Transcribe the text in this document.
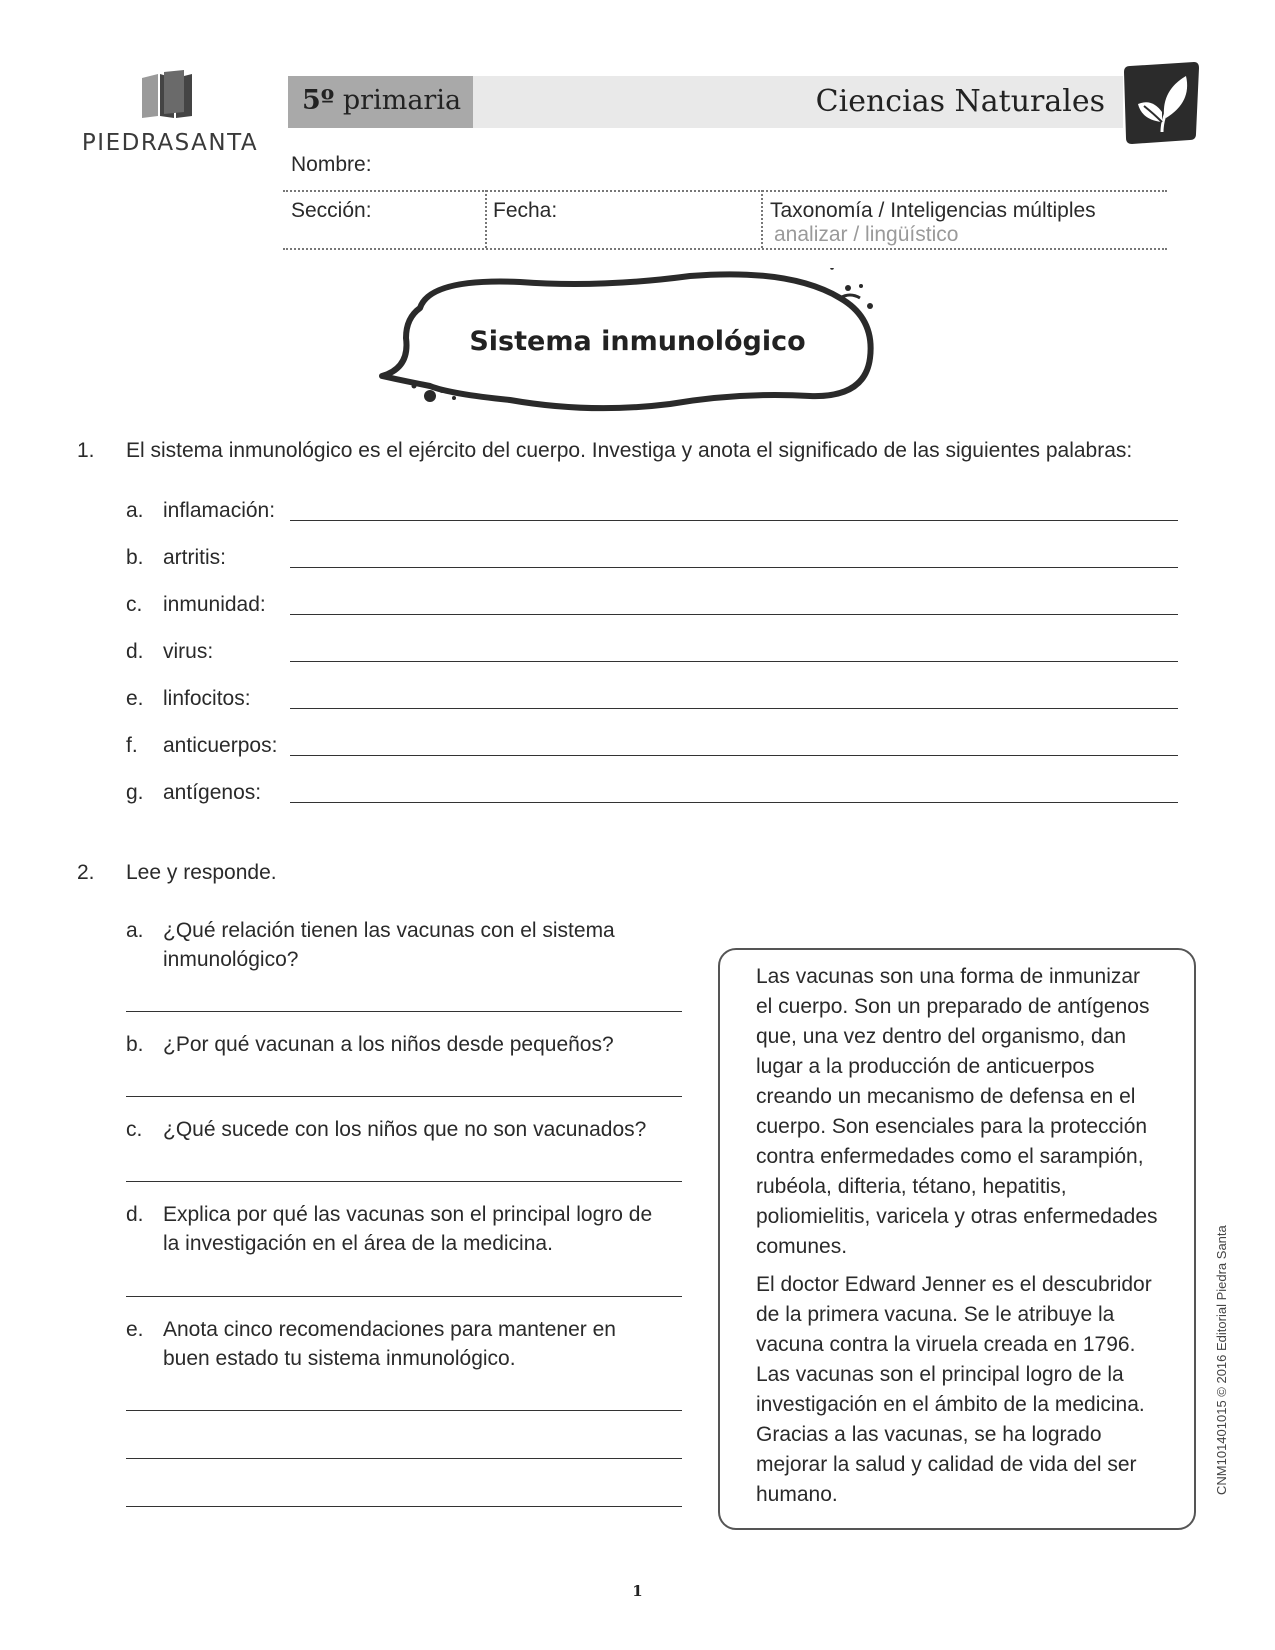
PIEDRASANTA
5º primaria	Ciencias Naturales
Nombre:
Sección:	Fecha:	Taxonomía / Inteligencias múltiples
analizar / lingüístico
Sistema inmunológico
1. El sistema inmunológico es el ejército del cuerpo. Investiga y anota el significado de las siguientes palabras:
a. inflamación:
b. artritis:
c. inmunidad:
d. virus:
e. linfocitos:
f. anticuerpos:
g. antígenos:
2. Lee y responde.
a. ¿Qué relación tienen las vacunas con el sistema
inmunológico?
b. ¿Por qué vacunan a los niños desde pequeños?
c. ¿Qué sucede con los niños que no son vacunados?
d. Explica por qué las vacunas son el principal logro de
la investigación en el área de la medicina.
e. Anota cinco recomendaciones para mantener en
buen estado tu sistema inmunológico.
Las vacunas son una forma de inmunizar
el cuerpo. Son un preparado de antígenos
que, una vez dentro del organismo, dan
lugar a la producción de anticuerpos
creando un mecanismo de defensa en el
cuerpo. Son esenciales para la protección
contra enfermedades como el sarampión,
rubéola, difteria, tétano, hepatitis,
poliomielitis, varicela y otras enfermedades
comunes.
El doctor Edward Jenner es el descubridor
de la primera vacuna. Se le atribuye la
vacuna contra la viruela creada en 1796.
Las vacunas son el principal logro de la
investigación en el ámbito de la medicina.
Gracias a las vacunas, se ha logrado
mejorar la salud y calidad de vida del ser
humano.	CNM101401015 © 2016 Editorial Piedra Santa
1
